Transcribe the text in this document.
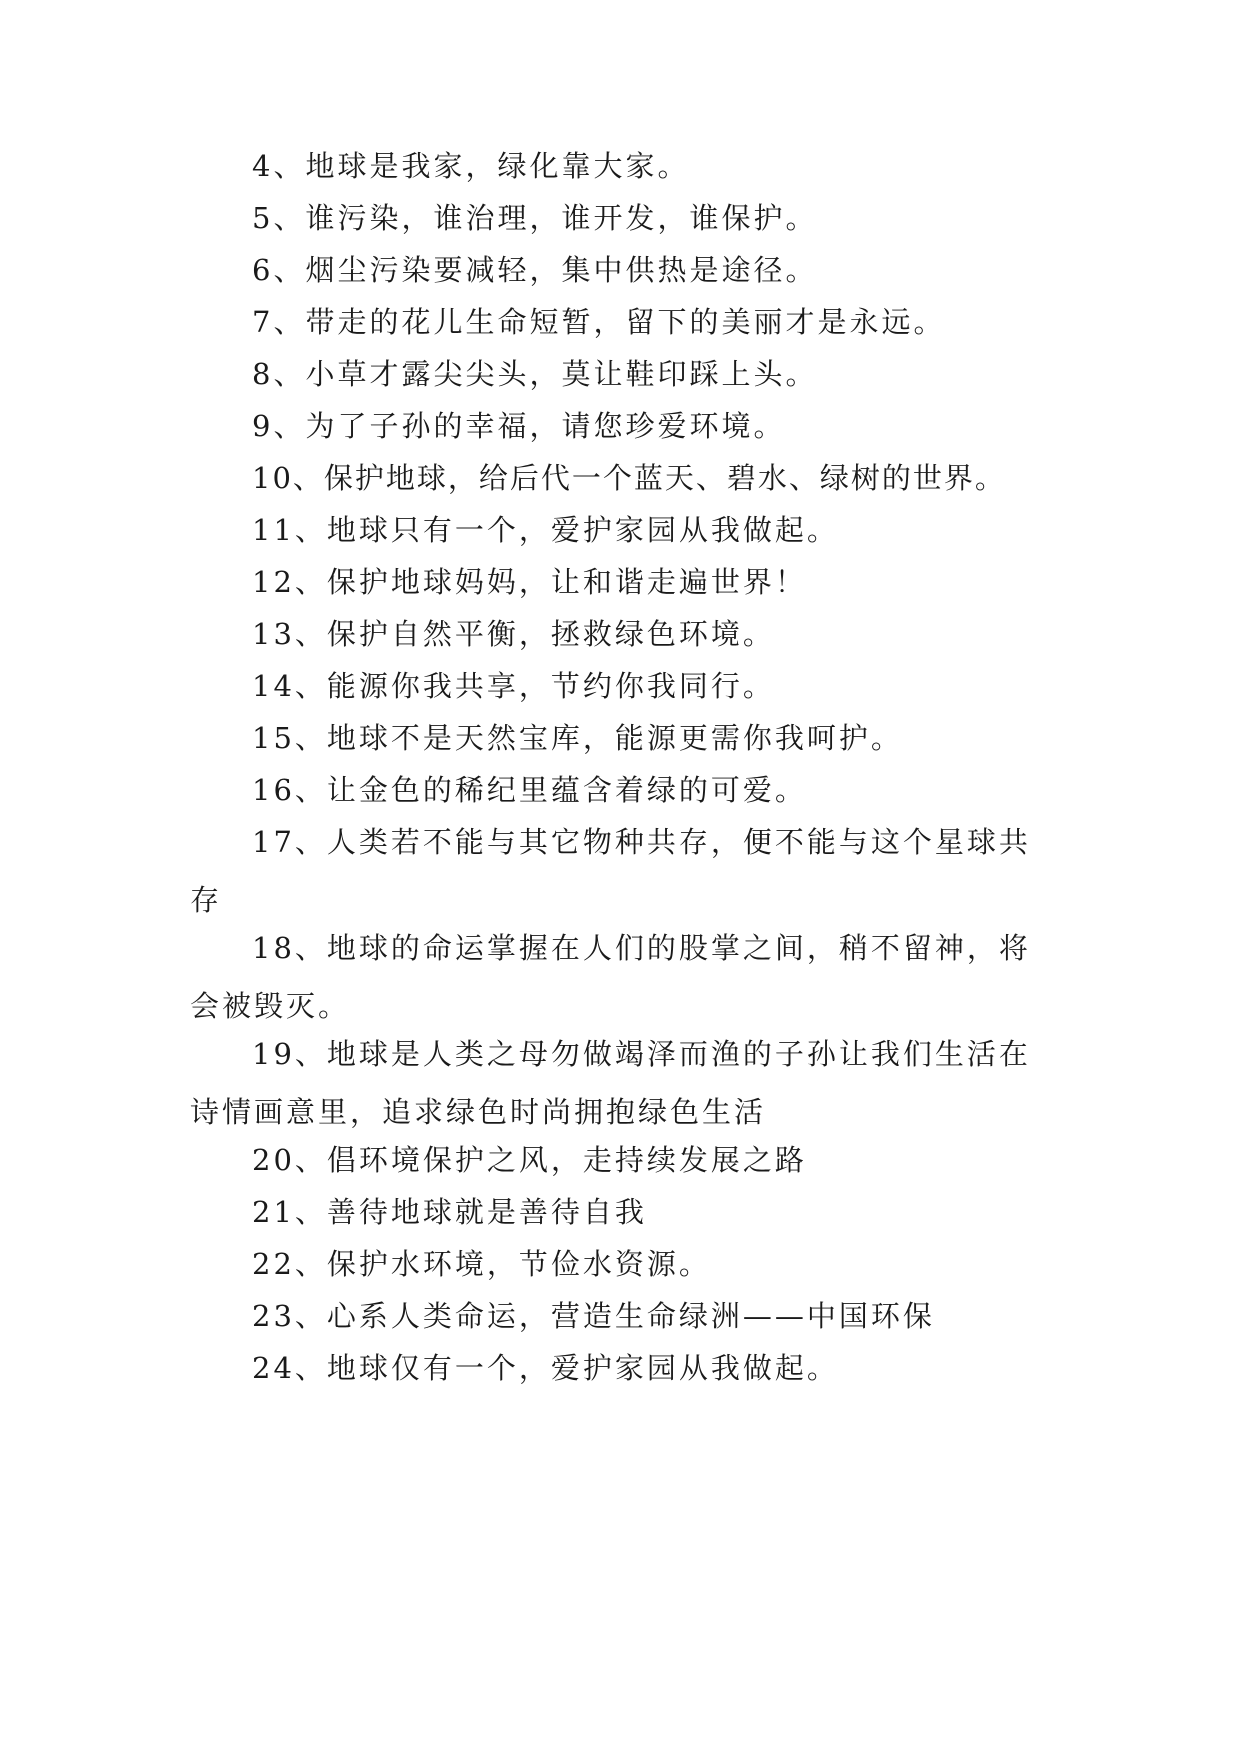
4、地球是我家，绿化靠大家。

5、谁污染，谁治理，谁开发，谁保护。

6、烟尘污染要减轻，集中供热是途径。

7、带走的花儿生命短暂，留下的美丽才是永远。

8、小草才露尖尖头，莫让鞋印踩上头。

9、为了子孙的幸福，请您珍爱环境。

10、保护地球，给后代一个蓝天、碧水、绿树的世界。

11、地球只有一个，爱护家园从我做起。

12、保护地球妈妈，让和谐走遍世界！

13、保护自然平衡，拯救绿色环境。

14、能源你我共享，节约你我同行。

15、地球不是天然宝库，能源更需你我呵护。

16、让金色的稀纪里蕴含着绿的可爱。

17、人类若不能与其它物种共存，便不能与这个星球共存

18、地球的命运掌握在人们的股掌之间，稍不留神，将会被毁灭。

19、地球是人类之母勿做竭泽而渔的子孙让我们生活在诗情画意里，追求绿色时尚拥抱绿色生活

20、倡环境保护之风，走持续发展之路

21、善待地球就是善待自我

22、保护水环境，节俭水资源。

23、心系人类命运，营造生命绿洲——中国环保

24、地球仅有一个，爱护家园从我做起。
